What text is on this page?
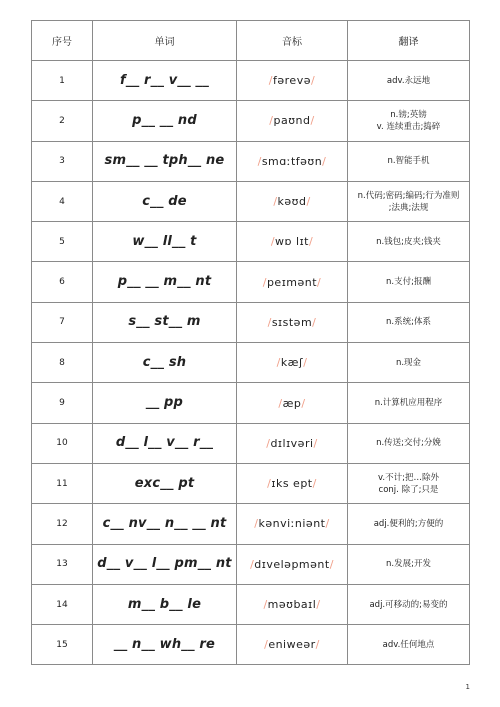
序号	单词	音标	翻译
1	f__ r__ v__ __	/fərevə/	adv.永远地

2	p__ __ nd	/paʊnd/	n.镑;英镑
v. 连续重击;捣碎

3	sm__ __ tph__ ne	/smɑːtfəʊn/	n.智能手机

4	c__ de	/kəʊd/	n.代码;密码;编码;行为准则
;法典;法规

5	w__ ll__ t	/wɒ lɪt/	n.钱包;皮夹;钱夹

6	p__ __ m__ nt	/peɪmənt/	n.支付;报酬

7	s__ st__ m	/sɪstəm/	n.系统;体系

8	c__ sh	/kæʃ/	n.现金

9	__ pp	/æp/	n.计算机应用程序

10	d__ l__ v__ r__	/dɪlɪvəri/	n.传送;交付;分娩

11	exc__ pt	/ɪks ept/	v.不计;把…除外
conj. 除了;只是

12	c__ nv__ n__ __ nt	/kənviːniənt/	adj.便利的;方便的

13	d__ v__ l__ pm__ nt	/dɪveləpmənt/	n.发展;开发

14	m__ b__ le	/məʊbaɪl/	adj.可移动的;易变的

15	__ n__ wh__ re	/eniweər/	adv.任何地点
1
